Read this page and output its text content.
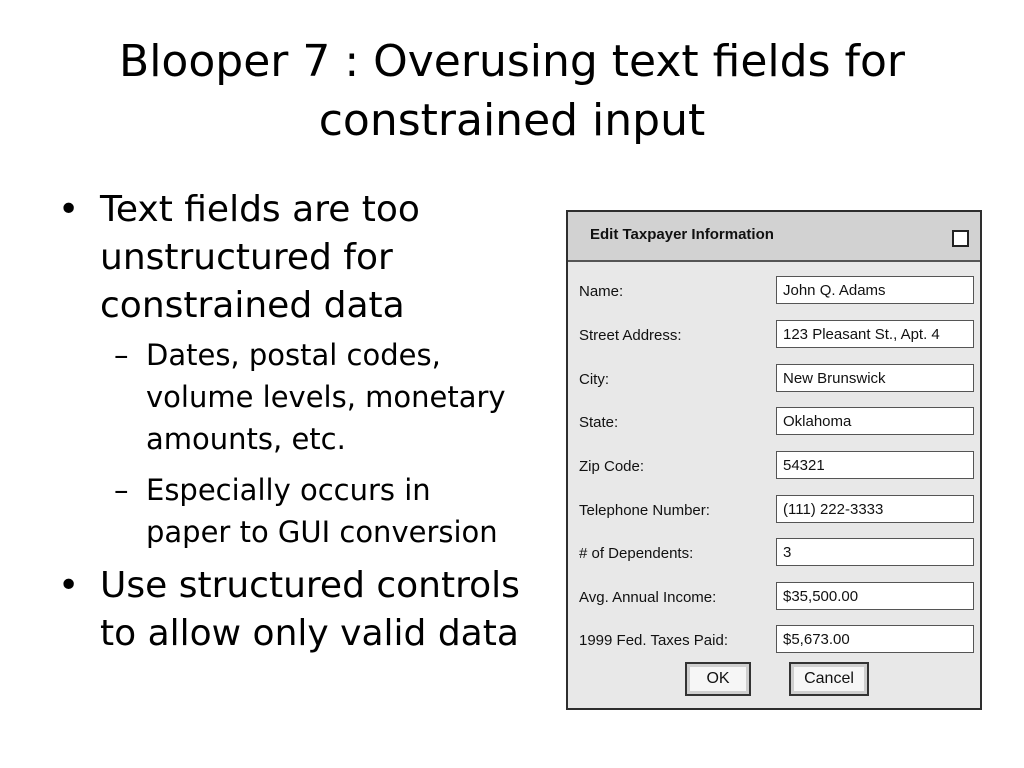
Blooper 7 : Overusing text fields for
constrained input
• Text fields are too
unstructured for
constrained data
– Dates, postal codes,
volume levels, monetary
amounts, etc.
– Especially occurs in
paper to GUI conversion
• Use structured controls
to allow only valid data
Edit Taxpayer Information
Name:
John Q. Adams
Street Address:
123 Pleasant St., Apt. 4
City:
New Brunswick
State:
Oklahoma
Zip Code:
54321
Telephone Number:
(111) 222-3333
# of Dependents:
3
Avg. Annual Income:
$35,500.00
1999 Fed. Taxes Paid:
$5,673.00
OK	Cancel
